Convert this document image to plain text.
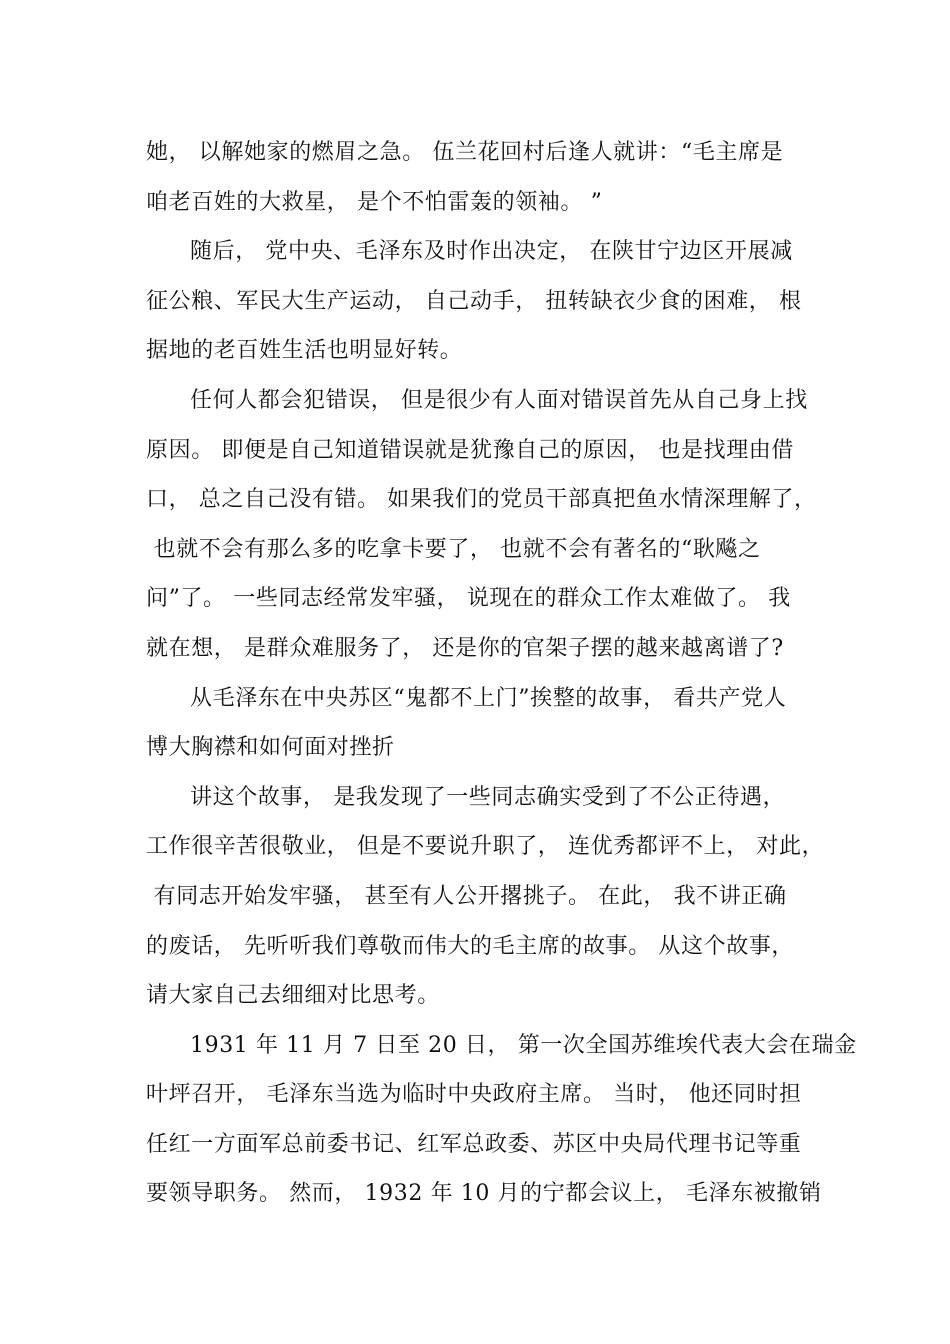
她， 以解她家的燃眉之急。 伍兰花回村后逢人就讲：“毛主席是
咱老百姓的大救星， 是个不怕雷轰的领袖。 ”
随后， 党中央、毛泽东及时作出决定， 在陕甘宁边区开展减
征公粮、军民大生产运动， 自己动手， 扭转缺衣少食的困难， 根
据地的老百姓生活也明显好转。
任何人都会犯错误， 但是很少有人面对错误首先从自己身上找
原因。 即便是自己知道错误就是犹豫自己的原因， 也是找理由借
口， 总之自己没有错。 如果我们的党员干部真把鱼水情深理解了，
也就不会有那么多的吃拿卡要了， 也就不会有著名的“耿飚之
问”了。 一些同志经常发牢骚， 说现在的群众工作太难做了。 我
就在想， 是群众难服务了， 还是你的官架子摆的越来越离谱了?
从毛泽东在中央苏区“鬼都不上门”挨整的故事， 看共产党人
博大胸襟和如何面对挫折
讲这个故事， 是我发现了一些同志确实受到了不公正待遇，
工作很辛苦很敬业， 但是不要说升职了， 连优秀都评不上， 对此，
有同志开始发牢骚， 甚至有人公开撂挑子。 在此， 我不讲正确
的废话， 先听听我们尊敬而伟大的毛主席的故事。 从这个故事，
请大家自己去细细对比思考。
1931 年 11 月 7 日至 20 日， 第一次全国苏维埃代表大会在瑞金
叶坪召开， 毛泽东当选为临时中央政府主席。 当时， 他还同时担
任红一方面军总前委书记、红军总政委、苏区中央局代理书记等重
要领导职务。 然而， 1932 年 10 月的宁都会议上， 毛泽东被撤销
